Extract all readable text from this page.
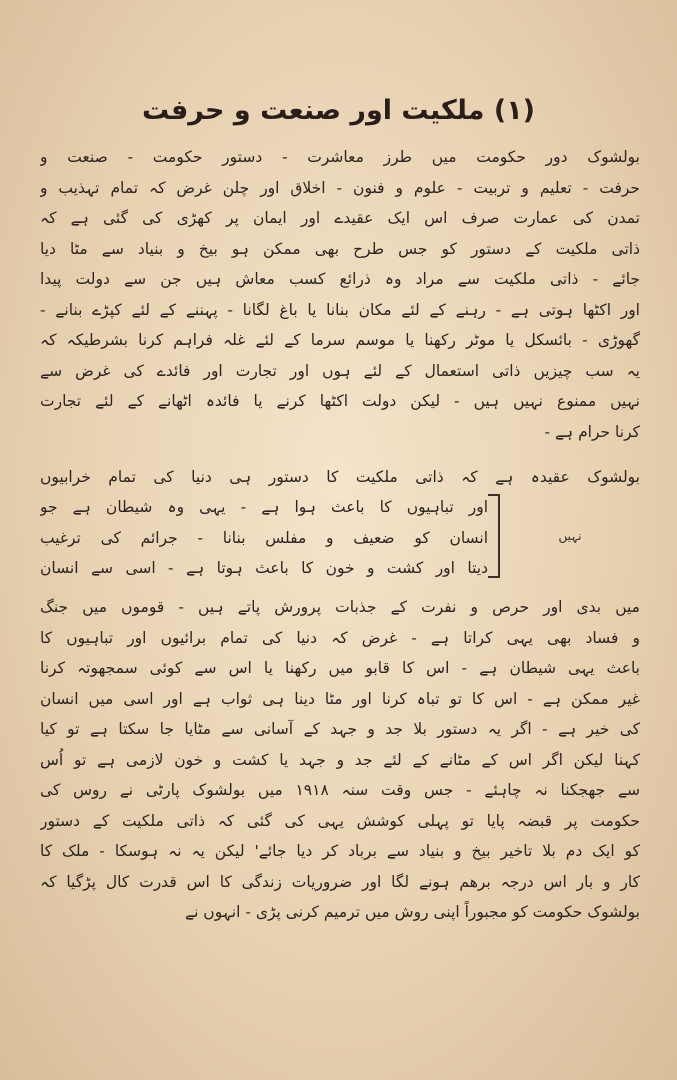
(۱) ملکیت اور صنعت و حرفت
بولشوک دور حکومت میں طرز معاشرت - دستور حکومت - صنعت و
حرفت - تعلیم و تربیت - علوم و فنون - اخلاق اور چلن غرض کہ تمام تہذیب و
تمدن کی عمارت صرف اس ایک عقیدے اور ایمان پر کھڑی کی گئی ہے کہ
ذاتی ملکیت کے دستور کو جس طرح بھی ممکن ہو بیخ و بنیاد سے مٹا دیا
جائے - ذاتی ملکیت سے مراد وہ ذرائع کسب معاش ہیں جن سے دولت پیدا
اور اکٹھا ہوتی ہے - رہنے کے لئے مکان بنانا یا باغ لگانا - پہننے کے لئے کپڑے بنانے -
گھوڑی - بائسکل یا موٹر رکھنا یا موسم سرما کے لئے غلہ فراہم کرنا بشرطیکہ کہ
یہ سب چیزیں ذاتی استعمال کے لئے ہوں اور تجارت اور فائدے کی غرض سے
نہیں ممنوع نہیں ہیں - لیکن دولت اکٹھا کرنے یا فائدہ اٹھانے کے لئے تجارت
کرنا حرام ہے -
بولشوک عقیدہ ہے کہ ذاتی ملکیت کا دستور ہی دنیا کی تمام خرابیوں
نہیں
اور تباہیوں کا باعث ہوا ہے - یہی وہ شیطان ہے جو
انسان کو ضعیف و مفلس بنانا - جرائم کی ترغیب
دیتا اور کشت و خون کا باعث ہوتا ہے - اسی سے انسان
میں بدی اور حرص و نفرت کے جذبات پرورش پاتے ہیں - قوموں میں جنگ
و فساد بھی یہی کراتا ہے - غرض کہ دنیا کی تمام برائیوں اور تباہیوں کا
باعث یہی شیطان ہے - اس کا قابو میں رکھنا یا اس سے کوئی سمجھوتہ کرنا
غیر ممکن ہے - اس کا تو تباہ کرنا اور مٹا دینا ہی ثواب ہے اور اسی میں انسان
کی خیر ہے - اگر یہ دستور بلا جد و جہد کے آسانی سے مٹایا جا سکتا ہے تو کیا
کہنا لیکن اگر اس کے مٹانے کے لئے جد و جہد یا کشت و خون لازمی ہے تو اُس
سے جھجکنا نہ چاہئے - جس وقت سنہ ۱۹۱۸ میں بولشوک پارٹی نے روس کی
حکومت پر قبضہ پایا تو پہلی کوشش یہی کی گئی کہ ذاتی ملکیت کے دستور
کو ایک دم بلا تاخیر بیخ و بنیاد سے برباد کر دیا جائے' لیکن یہ نہ ہوسکا - ملک کا
کار و بار اس درجہ برھم ہونے لگا اور ضروریات زندگی کا اس قدرت کال پڑگیا کہ
بولشوک حکومت کو مجبوراً اپنی روش میں ترمیم کرنی پڑی - انہوں نے
